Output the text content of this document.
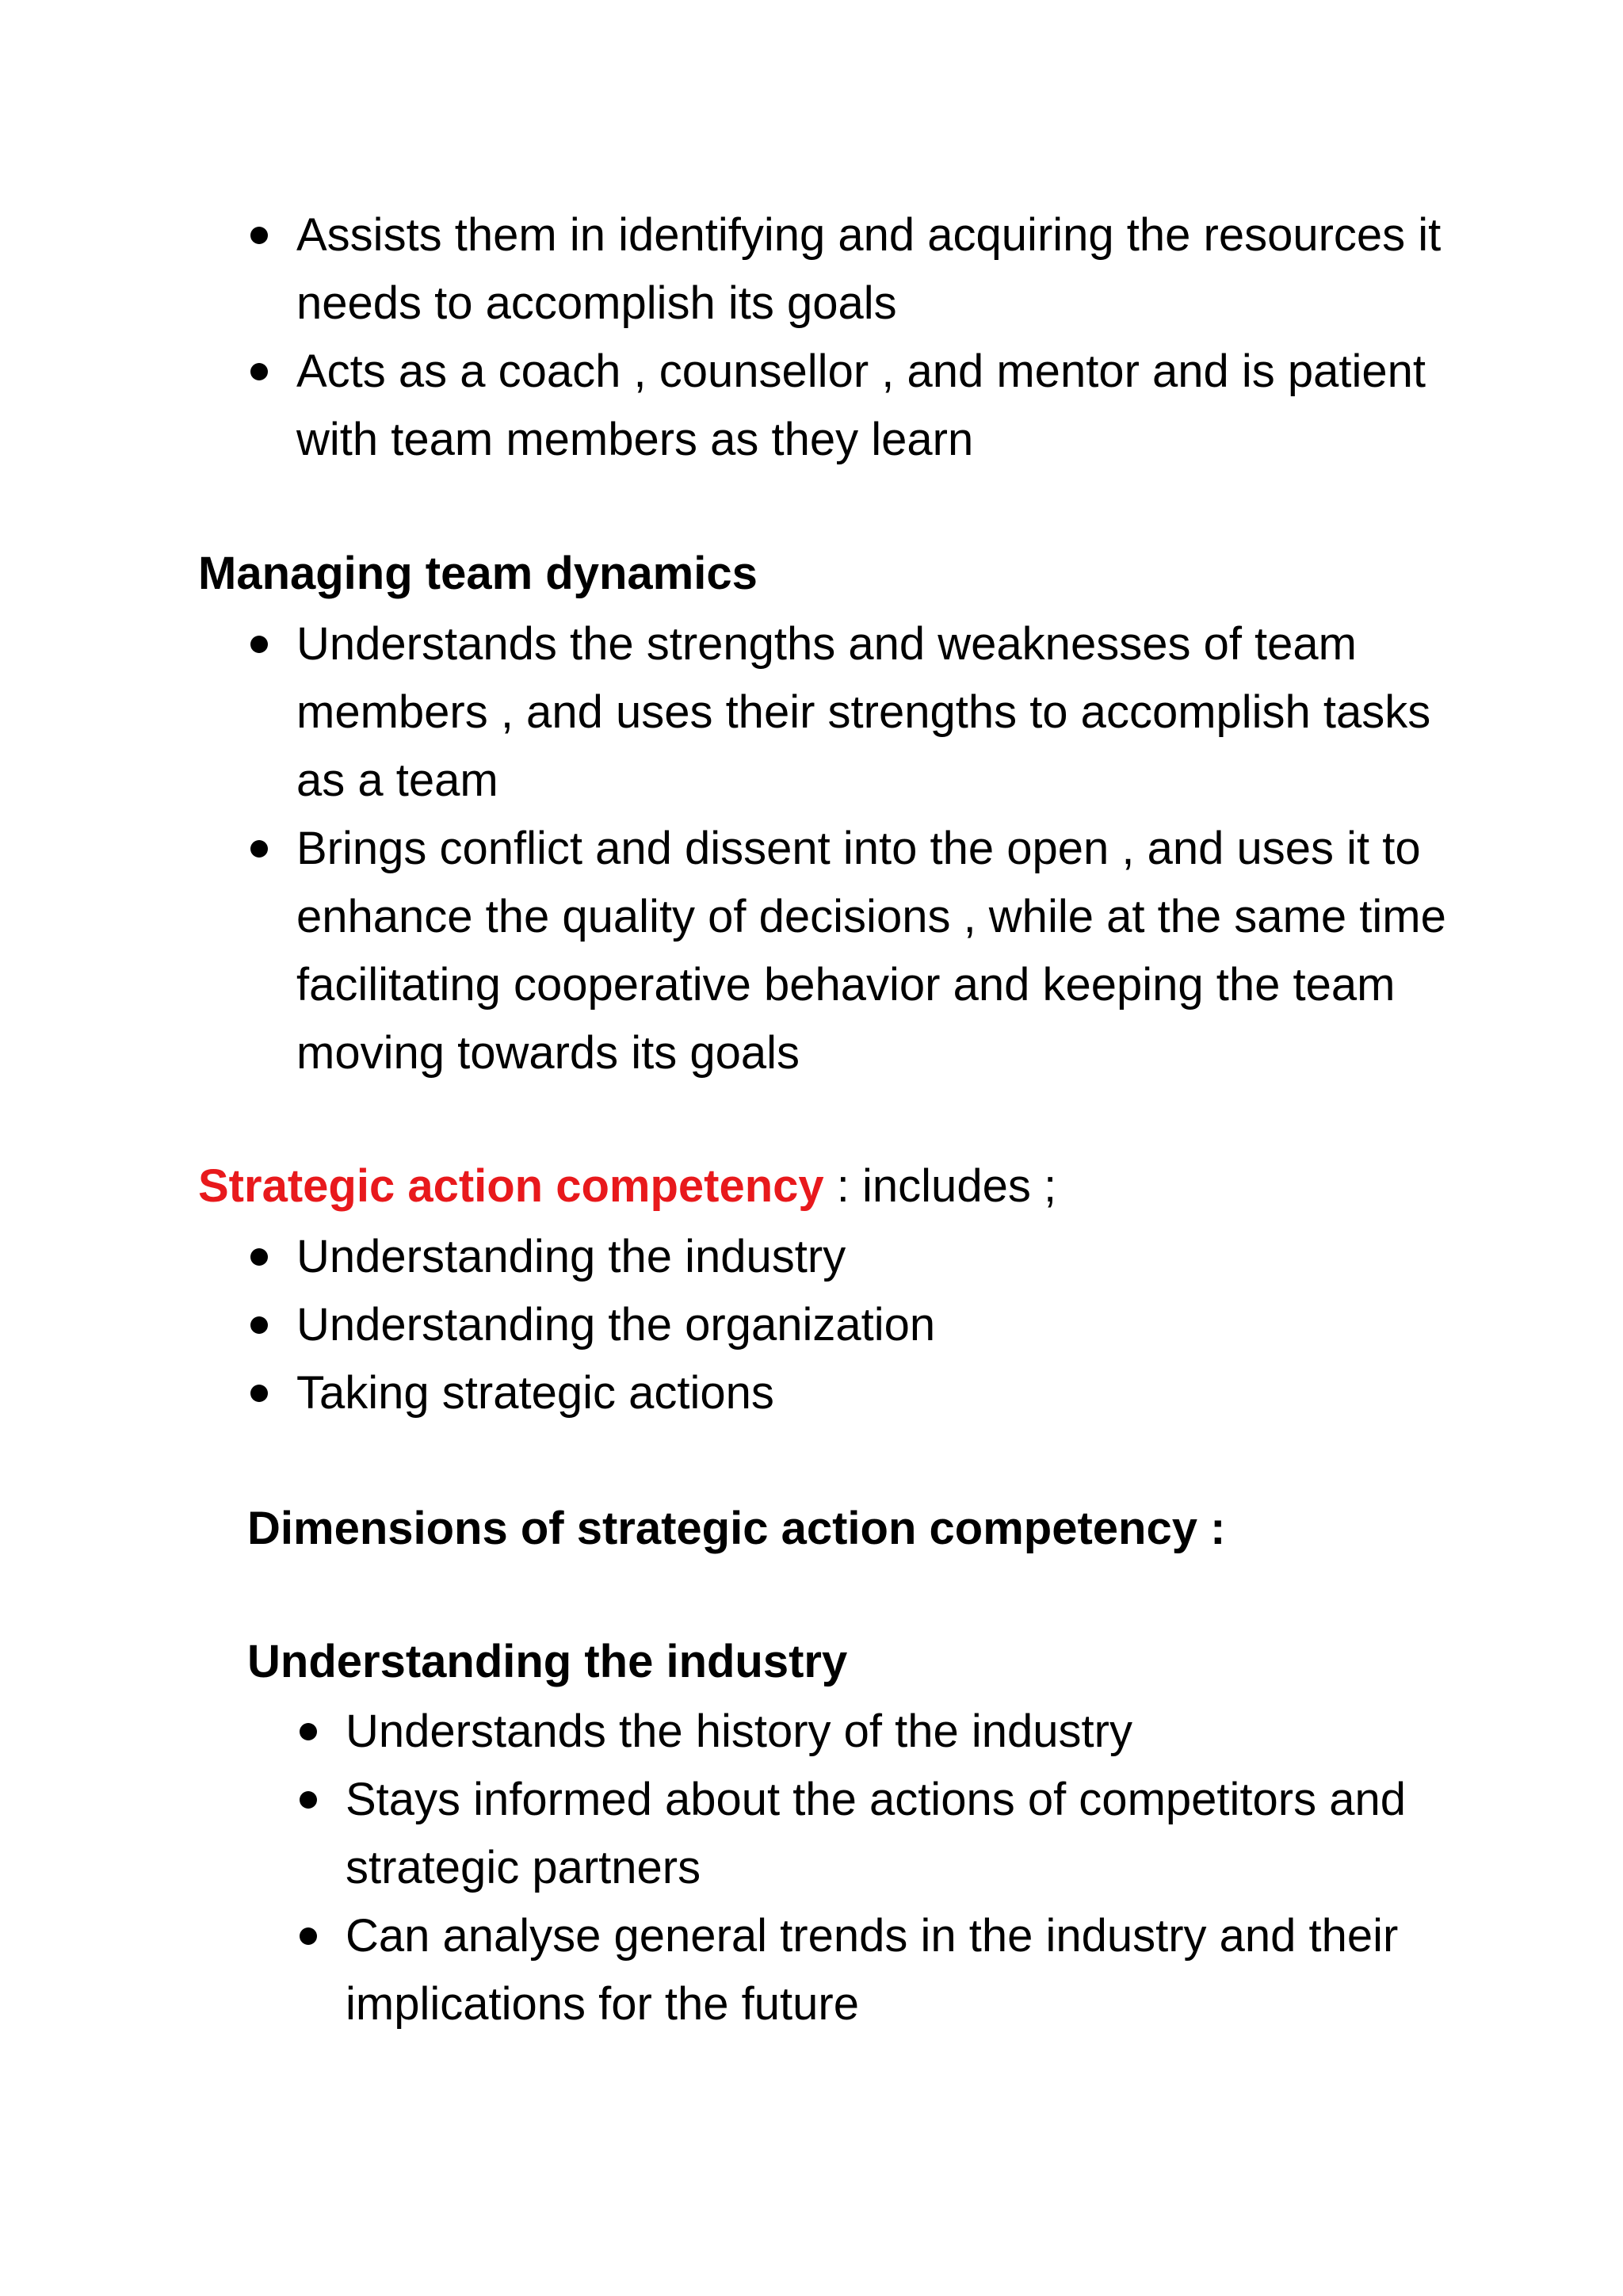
Assists them in identifying and acquiring the resources it needs to accomplish its goals
Acts as a coach , counsellor , and mentor and is patient with team members as they learn
Managing team dynamics
Understands the strengths and weaknesses of team members , and uses their strengths to accomplish tasks as a team
Brings conflict and dissent into the open , and uses it to enhance the quality of decisions , while at the same time facilitating cooperative behavior and keeping the team moving towards its goals
Strategic action competency : includes ;
Understanding the industry
Understanding the organization
Taking strategic actions
Dimensions of strategic action competency :
Understanding the industry
Understands the history of the industry
Stays informed about the actions of competitors and strategic partners
Can analyse general trends in the industry and their implications for the future
